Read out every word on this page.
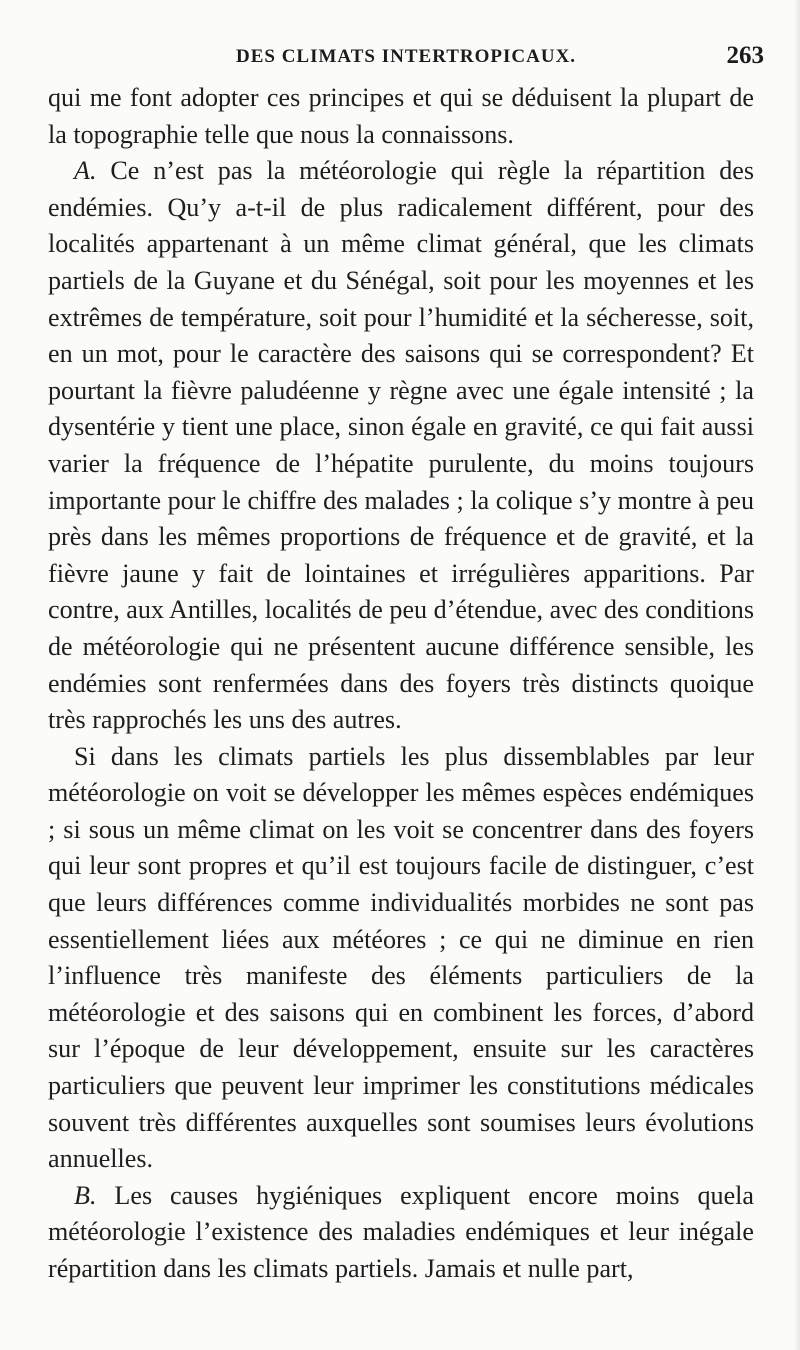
DES CLIMATS INTERTROPICAUX.	263

qui me font adopter ces principes et qui se déduisent la plupart de la topographie telle que nous la connaissons.

A. Ce n’est pas la météorologie qui règle la répartition des endémies. Qu’y a-t-il de plus radicalement différent, pour des localités appartenant à un même climat général, que les climats partiels de la Guyane et du Sénégal, soit pour les moyennes et les extrêmes de température, soit pour l’humidité et la sécheresse, soit, en un mot, pour le caractère des saisons qui se correspondent? Et pourtant la fièvre paludéenne y règne avec une égale intensité ; la dysentérie y tient une place, sinon égale en gravité, ce qui fait aussi varier la fréquence de l’hépatite purulente, du moins toujours importante pour le chiffre des malades ; la colique s’y montre à peu près dans les mêmes proportions de fréquence et de gravité, et la fièvre jaune y fait de lointaines et irrégulières apparitions. Par contre, aux Antilles, localités de peu d’étendue, avec des conditions de météorologie qui ne présentent aucune différence sensible, les endémies sont renfermées dans des foyers très distincts quoique très rapprochés les uns des autres.

Si dans les climats partiels les plus dissemblables par leur météorologie on voit se développer les mêmes espèces endémiques ; si sous un même climat on les voit se concentrer dans des foyers qui leur sont propres et qu’il est toujours facile de distinguer, c’est que leurs différences comme individualités morbides ne sont pas essentiellement liées aux météores ; ce qui ne diminue en rien l’influence très manifeste des éléments particuliers de la météorologie et des saisons qui en combinent les forces, d’abord sur l’époque de leur développement, ensuite sur les caractères particuliers que peuvent leur imprimer les constitutions médicales souvent très différentes auxquelles sont soumises leurs évolutions annuelles.

B. Les causes hygiéniques expliquent encore moins quela météorologie l’existence des maladies endémiques et leur inégale répartition dans les climats partiels. Jamais et nulle part,
